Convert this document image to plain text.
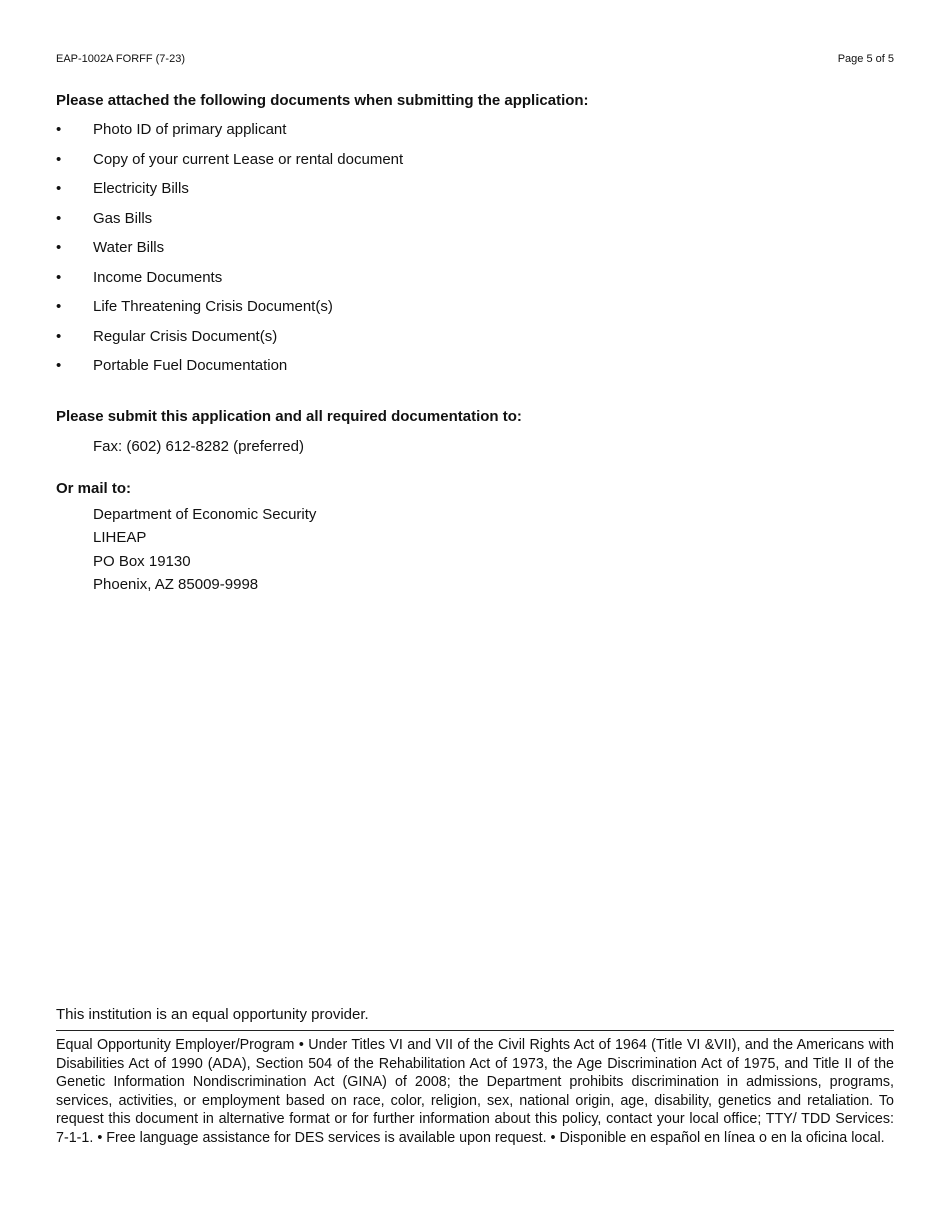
EAP-1002A FORFF (7-23)	Page 5 of 5
Please attached the following documents when submitting the application:
• Photo ID of primary applicant
• Copy of your current Lease or rental document
• Electricity Bills
• Gas Bills
• Water Bills
• Income Documents
• Life Threatening Crisis Document(s)
• Regular Crisis Document(s)
• Portable Fuel Documentation
Please submit this application and all required documentation to:
Fax: (602) 612-8282 (preferred)
Or mail to:
Department of Economic Security
LIHEAP
PO Box 19130
Phoenix, AZ 85009-9998
This institution is an equal opportunity provider.
Equal Opportunity Employer/Program • Under Titles VI and VII of the Civil Rights Act of 1964 (Title VI &VII), and the Americans with Disabilities Act of 1990 (ADA), Section 504 of the Rehabilitation Act of 1973, the Age Discrimination Act of 1975, and Title II of the Genetic Information Nondiscrimination Act (GINA) of 2008; the Department prohibits discrimination in admissions, programs, services, activities, or employment based on race, color, religion, sex, national origin, age, disability, genetics and retaliation. To request this document in alternative format or for further information about this policy, contact your local office; TTY/ TDD Services: 7-1-1. • Free language assistance for DES services is available upon request. • Disponible en español en línea o en la oficina local.
